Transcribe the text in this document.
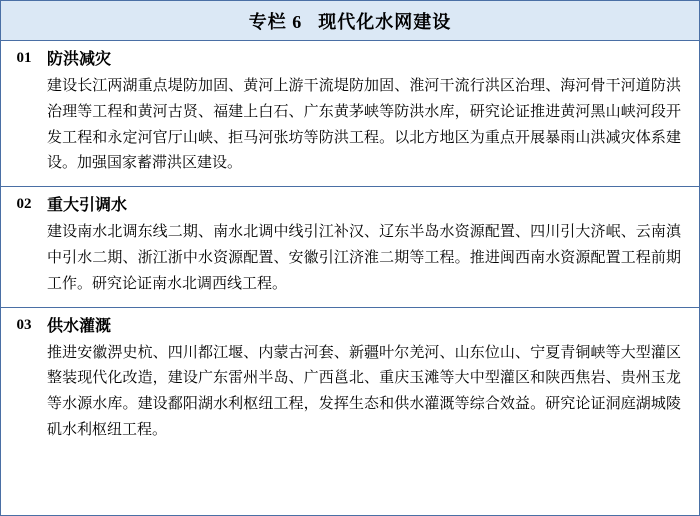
专栏 6 现代化水网建设
01 防洪减灾
建设长江两湖重点堤防加固、黄河上游干流堤防加固、淮河干流行洪区治理、海河骨干河道防洪治理等工程和黄河古贤、福建上白石、广东黄茅峡等防洪水库，研究论证推进黄河黑山峡河段开发工程和永定河官厅山峡、拒马河张坊等防洪工程。以北方地区为重点开展暴雨山洪减灾体系建设。加强国家蓄滞洪区建设。
02 重大引调水
建设南水北调东线二期、南水北调中线引江补汉、辽东半岛水资源配置、四川引大济岷、云南滇中引水二期、浙江浙中水资源配置、安徽引江济淮二期等工程。推进闽西南水资源配置工程前期工作。研究论证南水北调西线工程。
03 供水灌溉
推进安徽淠史杭、四川都江堰、内蒙古河套、新疆叶尔羌河、山东位山、宁夏青铜峡等大型灌区整装现代化改造，建设广东雷州半岛、广西邕北、重庆玉滩等大中型灌区和陕西焦岩、贵州玉龙等水源水库。建设鄱阳湖水利枢纽工程，发挥生态和供水灌溉等综合效益。研究论证洞庭湖城陵矶水利枢纽工程。
